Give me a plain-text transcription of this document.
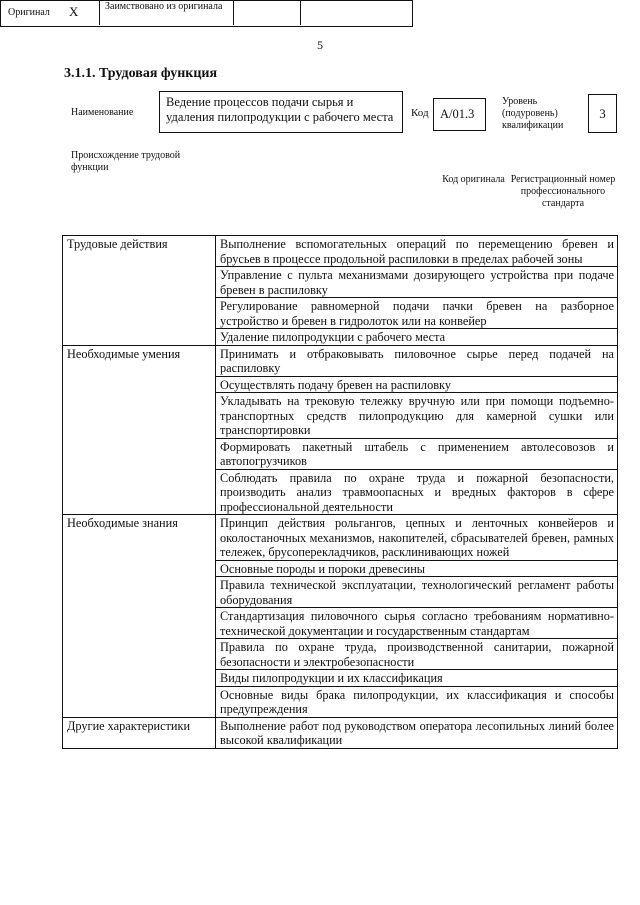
5
3.1.1. Трудовая функция
Наименование
Ведение процессов подачи сырья и удаления пилопродукции с рабочего места	Код A/01.3
Уровень (подуровень) квалификации
3
Происхождение трудовой функции
Оригинал X	Заимствовано из оригинала
Код оригинала Регистрационный номер профессионального стандарта
Трудовые действия	Выполнение вспомогательных операций по перемещению бревен и брусьев в процессе продольной распиловки в пределах рабочей зоны
	Управление с пульта механизмами дозирующего устройства при подаче бревен в распиловку
	Регулирование равномерной подачи пачки бревен на разборное устройство и бревен в гидролоток или на конвейер
	Удаление пилопродукции с рабочего места
Необходимые умения	Принимать и отбраковывать пиловочное сырье перед подачей на распиловку
	Осуществлять подачу бревен на распиловку
	Укладывать на трековую тележку вручную или при помощи подъемно-транспортных средств пилопродукцию для камерной сушки или транспортировки
	Формировать пакетный штабель с применением автолесовозов и автопогрузчиков
	Соблюдать правила по охране труда и пожарной безопасности, производить анализ травмоопасных и вредных факторов в сфере профессиональной деятельности
Необходимые знания	Принцип действия рольгангов, цепных и ленточных конвейеров и околостаночных механизмов, накопителей, сбрасывателей бревен, рамных тележек, брусоперекладчиков, расклинивающих ножей
	Основные породы и пороки древесины
	Правила технической эксплуатации, технологический регламент работы оборудования
	Стандартизация пиловочного сырья согласно требованиям нормативно-технической документации и государственным стандартам
	Правила по охране труда, производственной санитарии, пожарной безопасности и электробезопасности
	Виды пилопродукции и их классификация
	Основные виды брака пилопродукции, их классификация и способы предупреждения
Другие характеристики	Выполнение работ под руководством оператора лесопильных линий более высокой квалификации
